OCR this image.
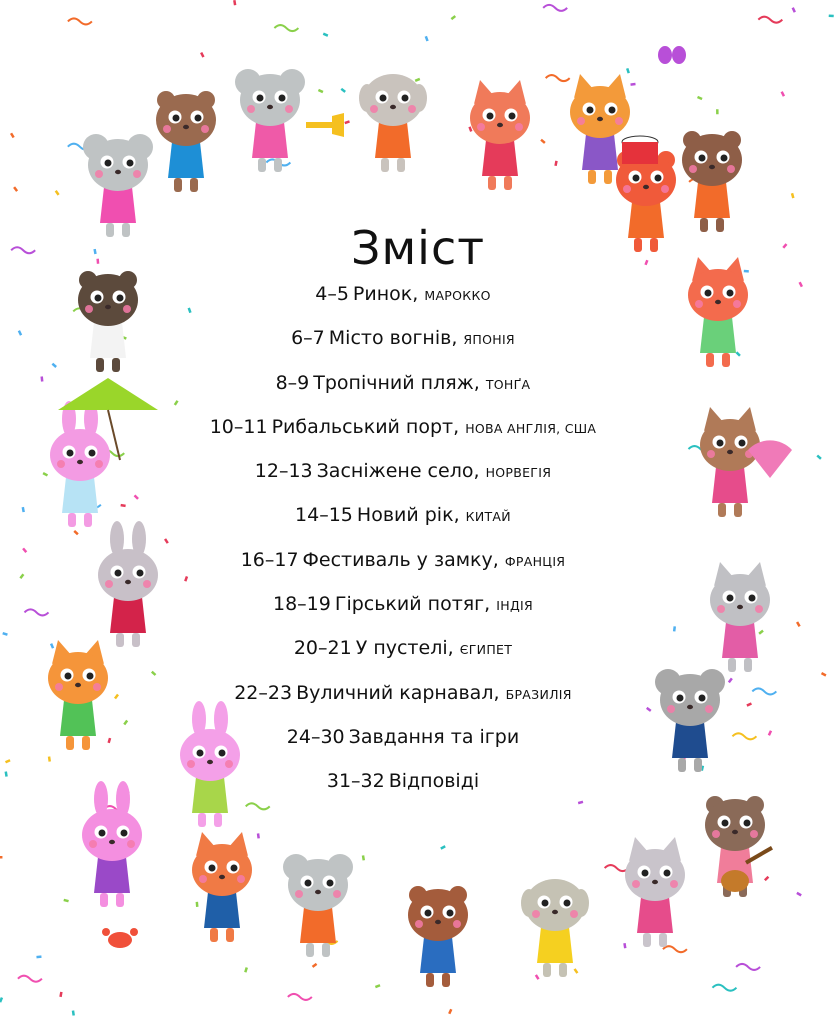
Зміст
4–5 Ринок, МАРОККО
6–7 Місто вогнів, ЯПОНІЯ
8–9 Тропічний пляж, ТОНҐА
10–11 Рибальський порт, НОВА АНГЛІЯ, США
12–13 Засніжене село, НОРВЕГІЯ
14–15 Новий рік, КИТАЙ
16–17 Фестиваль у замку, ФРАНЦІЯ
18–19 Гірський потяг, ІНДІЯ
20–21 У пустелі, ЄГИПЕТ
22–23 Вуличний карнавал, БРАЗИЛІЯ
24–30 Завдання та ігри
31–32 Відповіді
